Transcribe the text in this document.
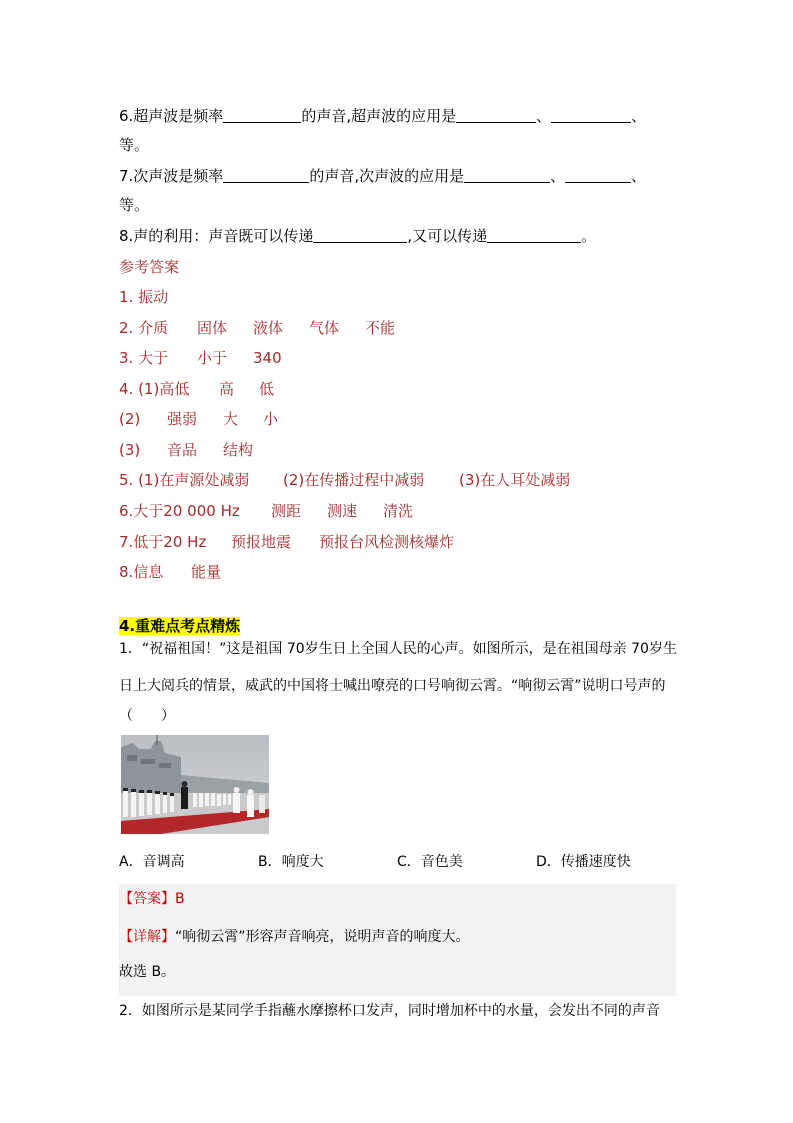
6.超声波是频率	的声音,超声波的应用是	、	、
等。
7.次声波是频率	的声音,次声波的应用是	、	、
等。
8.声的利用：声音既可以传递	,又可以传递	。
参考答案
1. 振动
2. 介质 固体 液体 气体 不能
3. 大于 小于 340
4. (1)高低 高 低
(2) 强弱 大 小
(3) 音品 结构
5. (1)在声源处减弱 (2)在传播过程中减弱 (3)在人耳处减弱
6.大于20 000 Hz 测距 测速 清洗
7.低于20 Hz 预报地震 预报台风检测核爆炸
8.信息 能量
4.重难点考点精炼
1．“祝福祖国！”这是祖国 70岁生日上全国人民的心声。如图所示，是在祖国母亲 70岁生
日上大阅兵的情景，威武的中国将士喊出嘹亮的口号响彻云霄。“响彻云霄”说明口号声的
（　　）
A．音调高	B．响度大	C．音色美	D．传播速度快
【答案】B
【详解】“响彻云霄”形容声音响亮，说明声音的响度大。
故选 B。
2．如图所示是某同学手指蘸水摩擦杯口发声，同时增加杯中的水量，会发出不同的声音
